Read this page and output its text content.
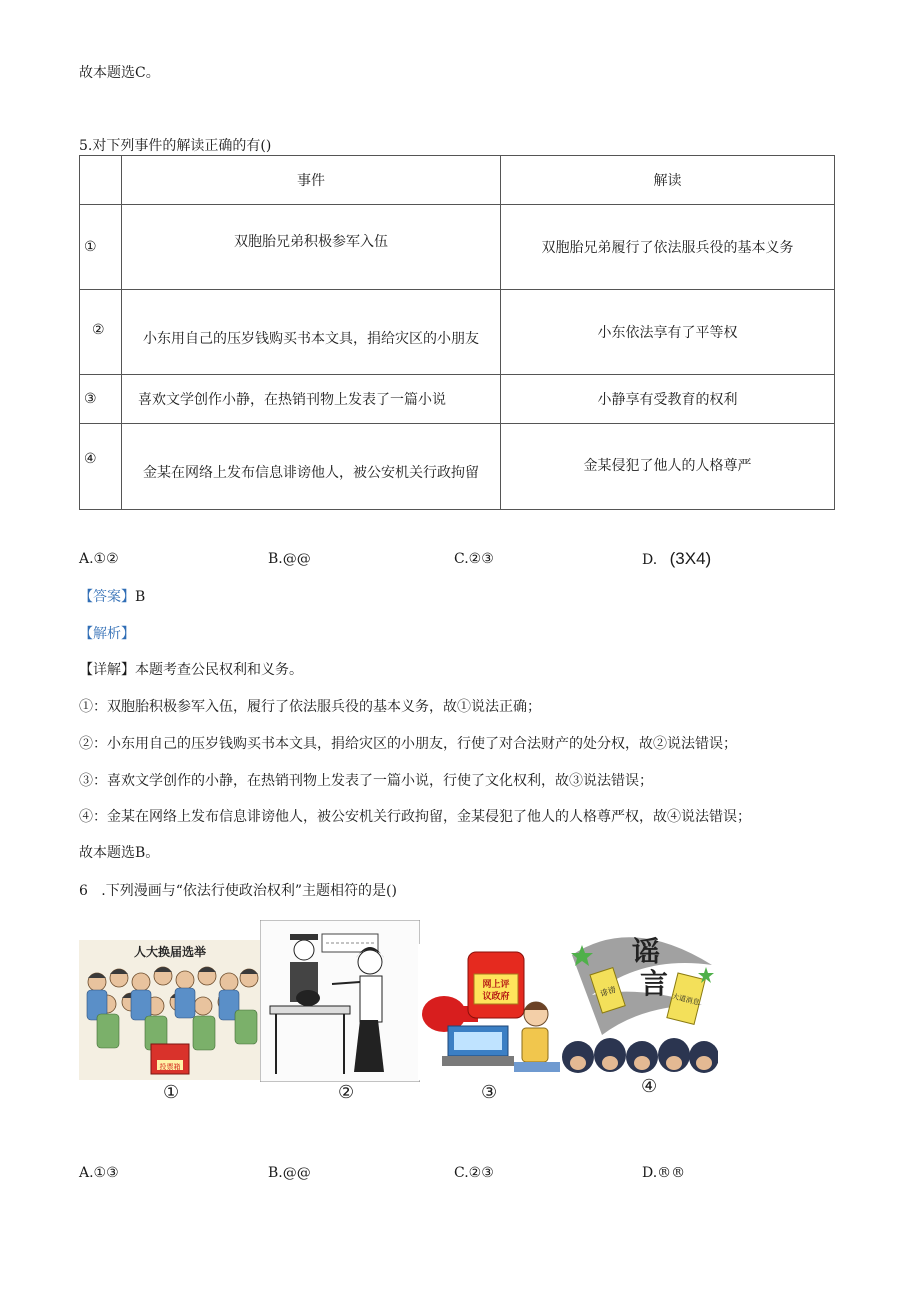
故本题选C。
5.对下列事件的解读正确的有()
	事件	解读
①	双胞胎兄弟积极参军入伍	双胞胎兄弟履行了依法服兵役的基本义务
②	小东用自己的压岁钱购买书本文具，捐给灾区的小朋友	小东依法享有了平等权
③	喜欢文学创作小静，在热销刊物上发表了一篇小说	小静享有受教育的权利
④	金某在网络上发布信息诽谤他人，被公安机关行政拘留	金某侵犯了他人的人格尊严
A.①②	B.@@	C.②③	D. (3X4)
【答案】B
【解析】
【详解】本题考查公民权利和义务。
①：双胞胎积极参军入伍，履行了依法服兵役的基本义务，故①说法正确；
②：小东用自己的压岁钱购买书本文具，捐给灾区的小朋友，行使了对合法财产的处分权，故②说法错误；
③：喜欢文学创作的小静，在热销刊物上发表了一篇小说，行使了文化权利，故③说法错误；
④：金某在网络上发布信息诽谤他人，被公安机关行政拘留，金某侵犯了他人的人格尊严权，故④说法错误；
故本题选B。
6   .下列漫画与“依法行使政治权利”主题相符的是()
人大换届选举
投票箱
网上评
议政府
谣
言
诽谤
大道消息
①	②	③	④
A.①③	B.@@	C.②③	D.®®
